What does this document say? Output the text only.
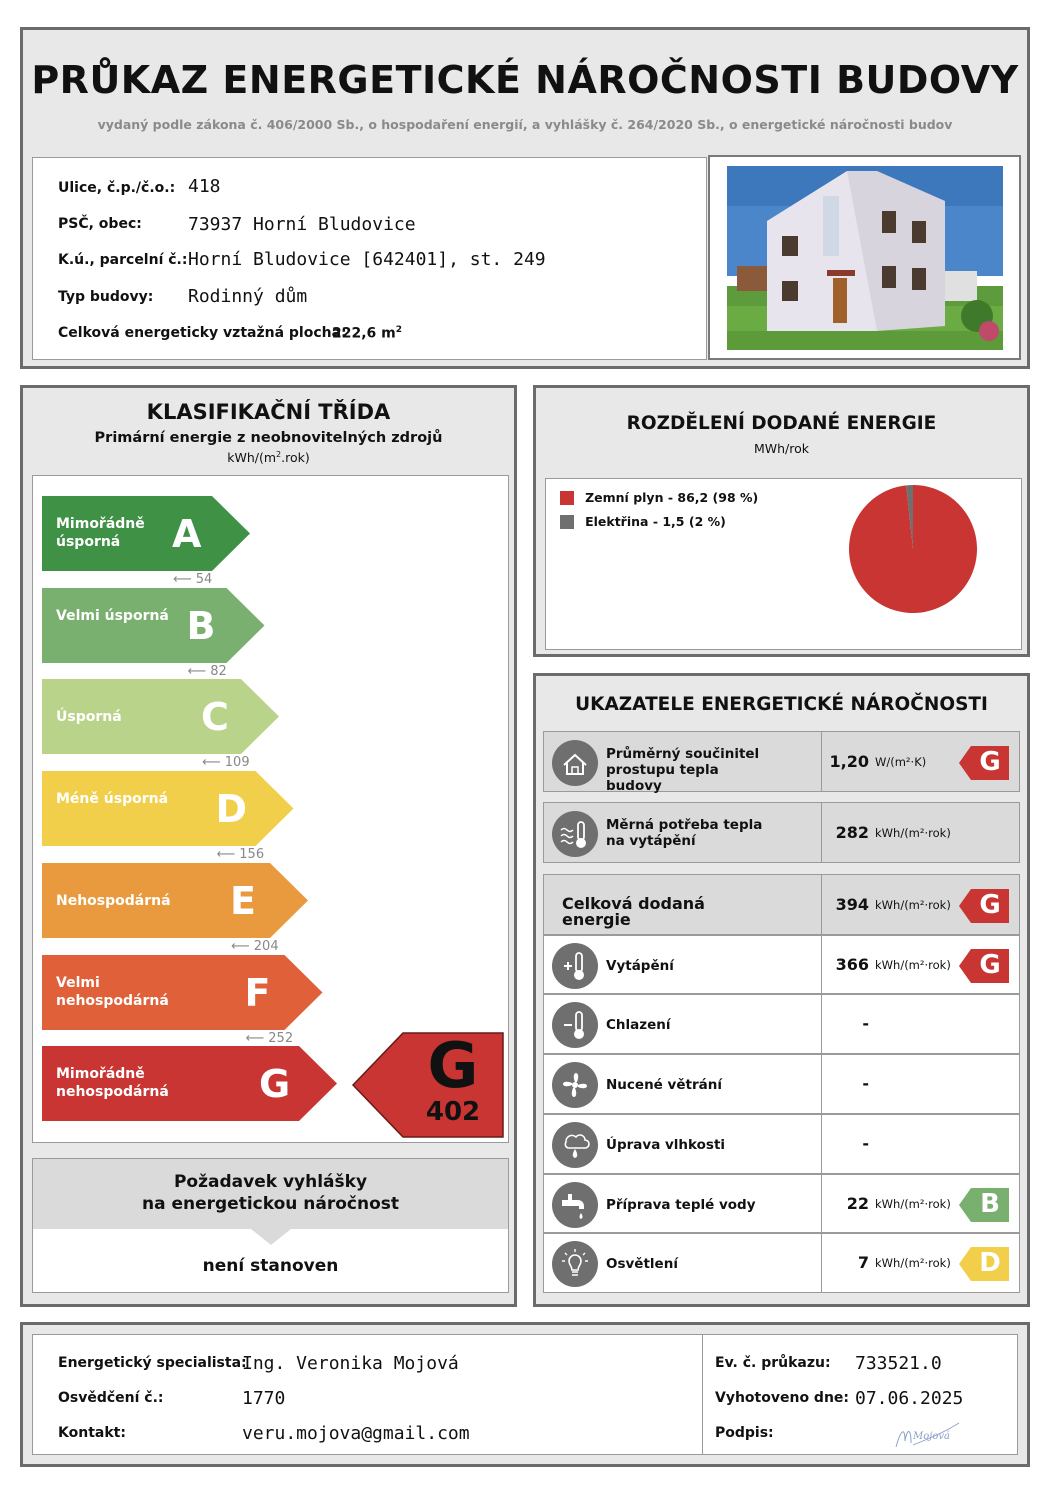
PRŮKAZ ENERGETICKÉ NÁROČNOSTI BUDOVY
vydaný podle zákona č. 406/2000 Sb., o hospodaření energií, a vyhlášky č. 264/2020 Sb., o energetické náročnosti budov
Ulice, č.p./č.o.: 418
PSČ, obec:	73937 Horní Bludovice
K.ú., parcelní č.: Horní Bludovice [642401], st. 249
Typ budovy: Rodinný dům
Celková energeticky vztažná plocha:
222,6 $m^2$
KLASIFIKAČNÍ TŘÍDA
Primární energie z neobnovitelných zdrojů
kWh/$(m^2.rok)$
Mimořádně úsporná	A
⟵ 54
Velmi úsporná B
⟵ 82
Úsporná	C
⟵ 109
Méně úsporná D
⟵ 156
Nehospodárná	E
⟵ 204
Velmi nehospodárná F
⟵ 252
Mimořádně nehospodárná G	G
402
Požadavek vyhlášky
na energetickou náročnost
není stanoven
ROZDĚLENÍ DODANÉ ENERGIE
MWh/rok
Zemní plyn - 86,2 (98 %)
Elektřina - 1,5 (2 %)
UKAZATELE ENERGETICKÉ NÁROČNOSTI
Průměrný součinitel prostupu tepla budovy
1,20 W/(m²·K)	G
Měrná potřeba tepla na vytápění	282 kWh/(m²·rok)
Celková dodaná energie
394 kWh/(m²·rok)	G
Vytápění	366 kWh/(m²·rok)	G
Chlazení	-
Nucené větrání	-
Úprava vlhkosti	-
Příprava teplé vody	22 kWh/(m²·rok)	B
Osvětlení	7 kWh/(m²·rok)	D
Energetický specialista:
Ing. Veronika Mojová
Osvědčení č.:	1770
Kontakt:	veru.mojova@gmail.com
Ev. č. průkazu: 733521.0
Vyhotoveno dne: 07.06.2025
Podpis:	Mojová
